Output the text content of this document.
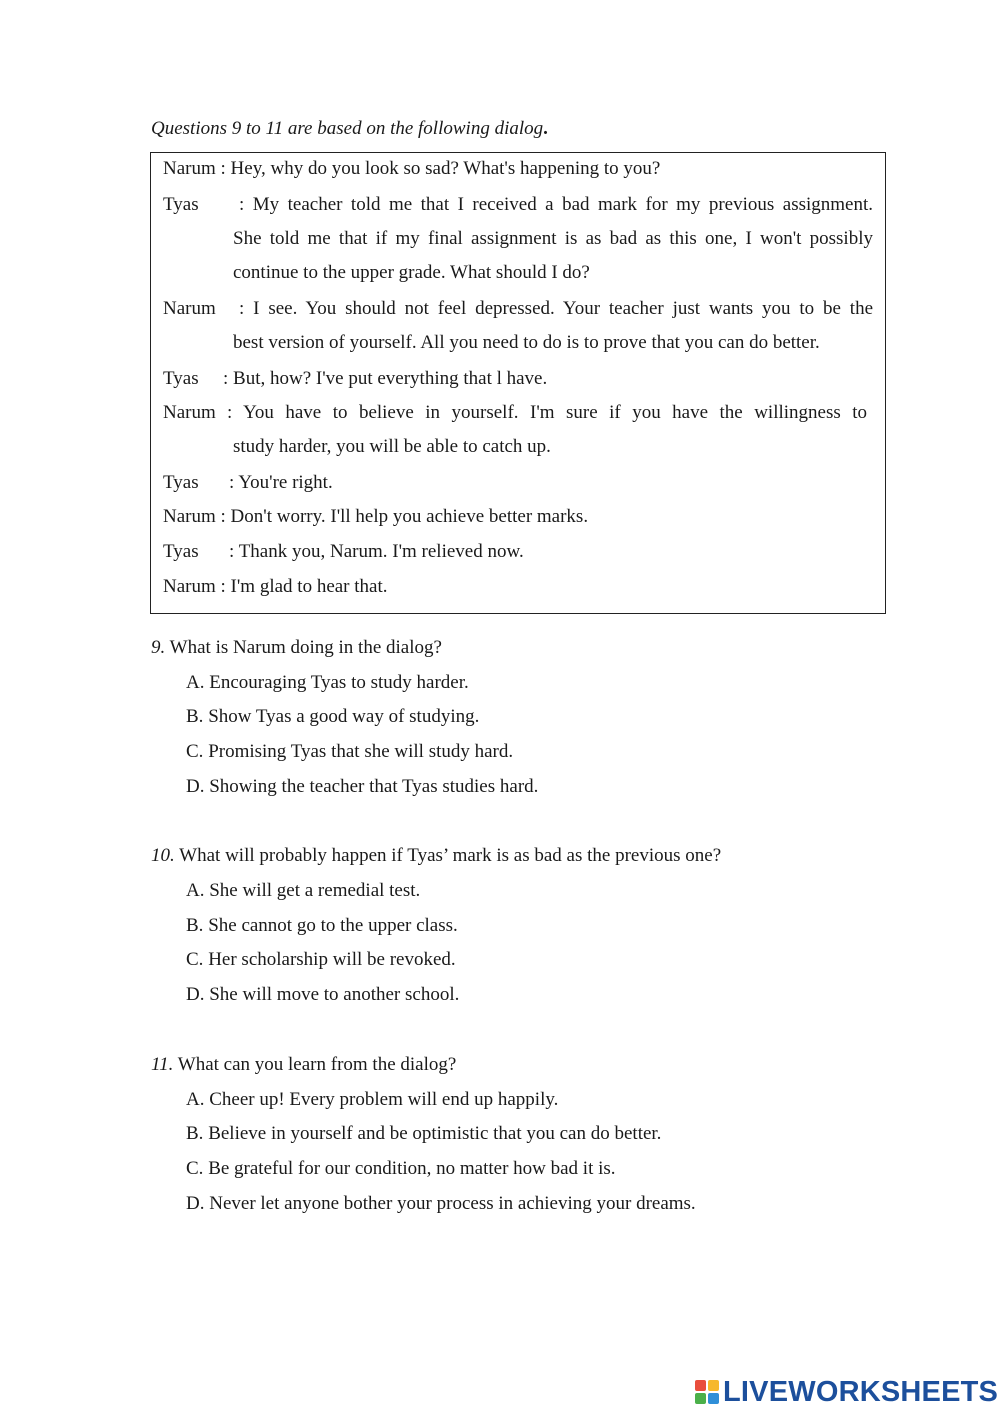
Questions 9 to 11 are based on the following dialog.
Narum : Hey, why do you look so sad? What's happening to you?
Tyas	: My teacher told me that I received a bad mark for my previous assignment.
She told me that if my final assignment is as bad as this one, I won't possibly
continue to the upper grade. What should I do?
Narum	: I see. You should not feel depressed. Your teacher just wants you to be the
best version of yourself. All you need to do is to prove that you can do better.
Tyas : But, how? I've put everything that l have.
Narum : You have to believe in yourself. I'm sure if you have the willingness to
study harder, you will be able to catch up.
Tyas : You're right.
Narum : Don't worry. I'll help you achieve better marks.
Tyas : Thank you, Narum. I'm relieved now.
Narum : I'm glad to hear that.
9. What is Narum doing in the dialog?
A. Encouraging Tyas to study harder.
B. Show Tyas a good way of studying.
C. Promising Tyas that she will study hard.
D. Showing the teacher that Tyas studies hard.
10. What will probably happen if Tyas’ mark is as bad as the previous one?
A. She will get a remedial test.
B. She cannot go to the upper class.
C. Her scholarship will be revoked.
D. She will move to another school.
11. What can you learn from the dialog?
A. Cheer up! Every problem will end up happily.
B. Believe in yourself and be optimistic that you can do better.
C. Be grateful for our condition, no matter how bad it is.
D. Never let anyone bother your process in achieving your dreams.
LIVEWORKSHEETS
